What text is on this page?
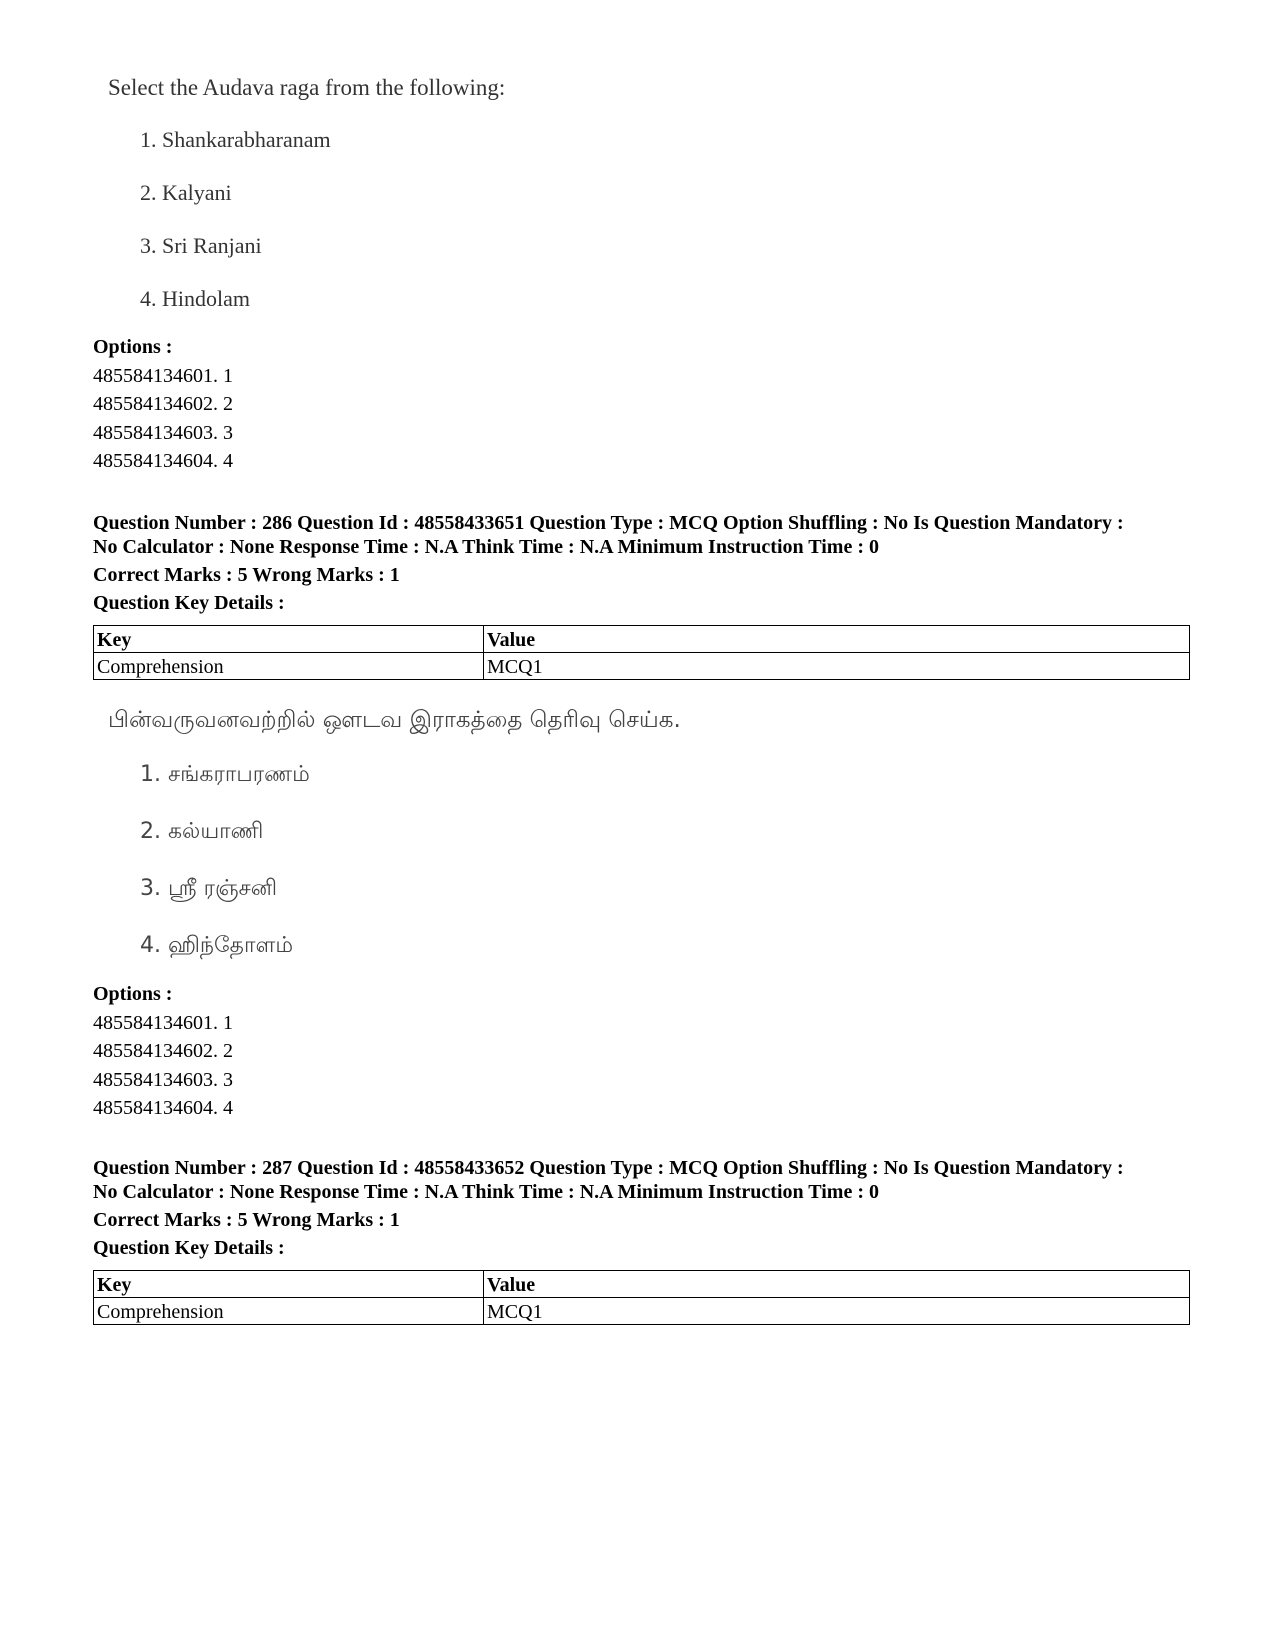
Select the Audava raga from the following:

1. Shankarabharanam
2. Kalyani
3. Sri Ranjani
4. Hindolam
Options :
485584134601. 1
485584134602. 2
485584134603. 3
485584134604. 4
Question Number : 286 Question Id : 48558433651 Question Type : MCQ Option Shuffling : No Is Question Mandatory :
No Calculator : None Response Time : N.A Think Time : N.A Minimum Instruction Time : 0
Correct Marks : 5 Wrong Marks : 1
Question Key Details :
Key	Value
Comprehension	MCQ1

பின்வருவனவற்றில் ஔடவ இராகத்தை தெரிவு செய்க.

1. சங்கராபரணம்
2. கல்யாணி
3. ஸ்ரீ ரஞ்சனி
4. ஹிந்தோளம்
Options :
485584134601. 1
485584134602. 2
485584134603. 3
485584134604. 4
Question Number : 287 Question Id : 48558433652 Question Type : MCQ Option Shuffling : No Is Question Mandatory :
No Calculator : None Response Time : N.A Think Time : N.A Minimum Instruction Time : 0
Correct Marks : 5 Wrong Marks : 1
Question Key Details :
Key	Value
Comprehension	MCQ1
